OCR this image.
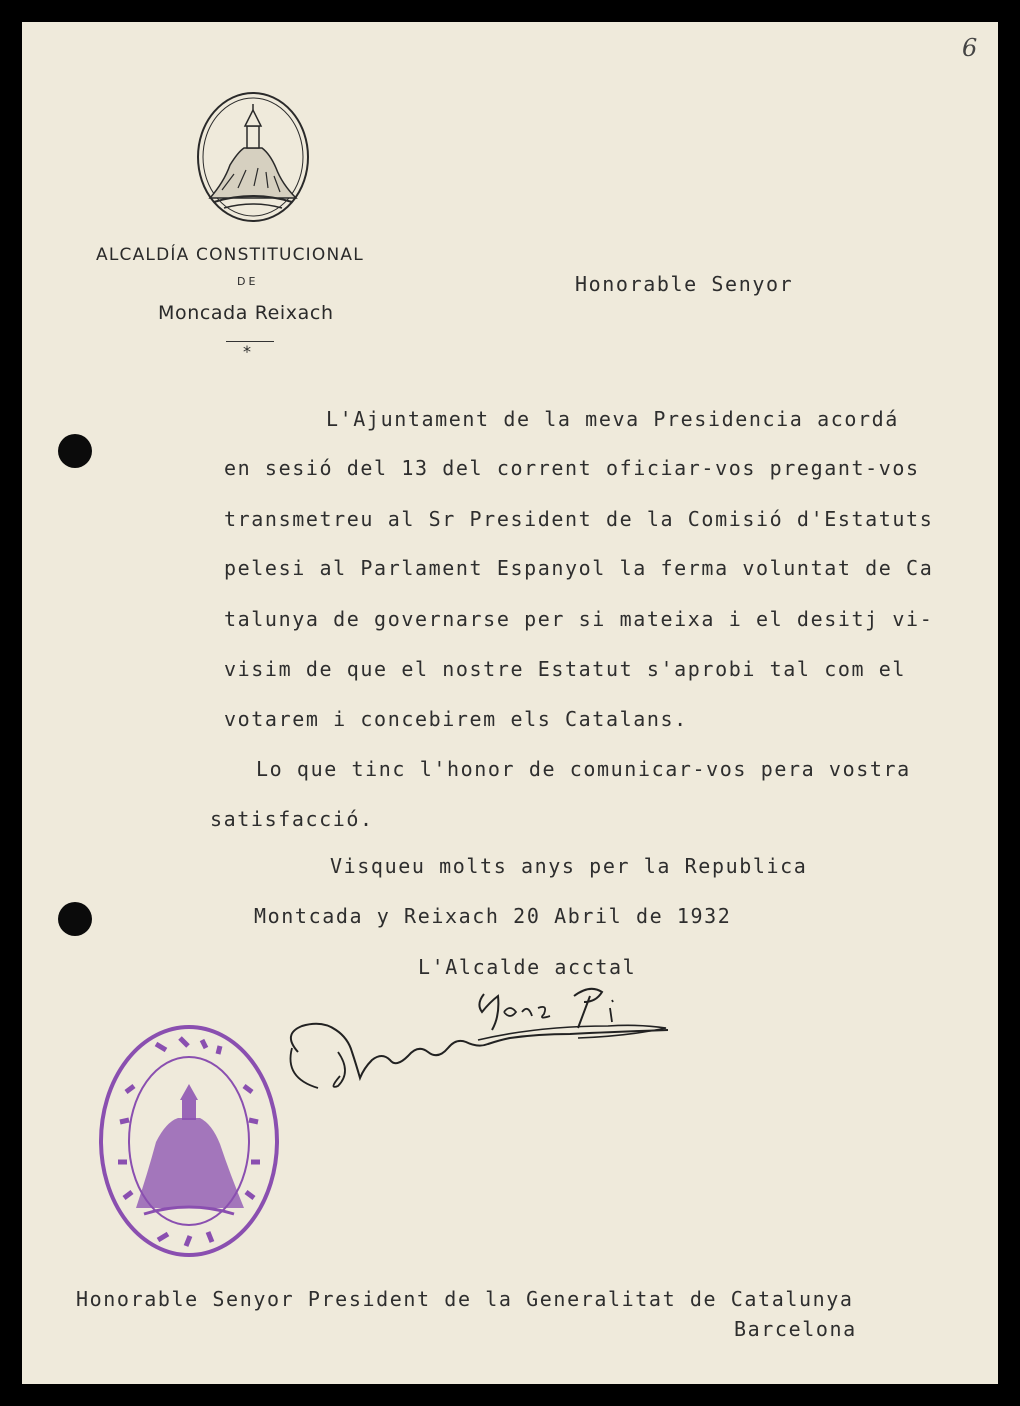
6
ALCALDÍA CONSTITUCIONAL
DE
Moncada Reixach
*
Honorable Senyor
L'Ajuntament de la meva Presidencia acordá
en sesió del 13 del corrent oficiar-vos pregant-vos
transmetreu al Sr President de la Comisió d'Estatuts
pelesi al Parlament Espanyol la ferma voluntat de Ca
talunya de governarse per si mateixa i el desitj vi-
visim de que el nostre Estatut s'aprobi tal com el
votarem i concebirem els Catalans.
Lo que tinc l'honor de comunicar-vos pera vostra
satisfacció.
Visqueu molts anys per la Republica
Montcada y Reixach 20 Abril de 1932
L'Alcalde acctal
Honorable Senyor President de la Generalitat de Catalunya
Barcelona
